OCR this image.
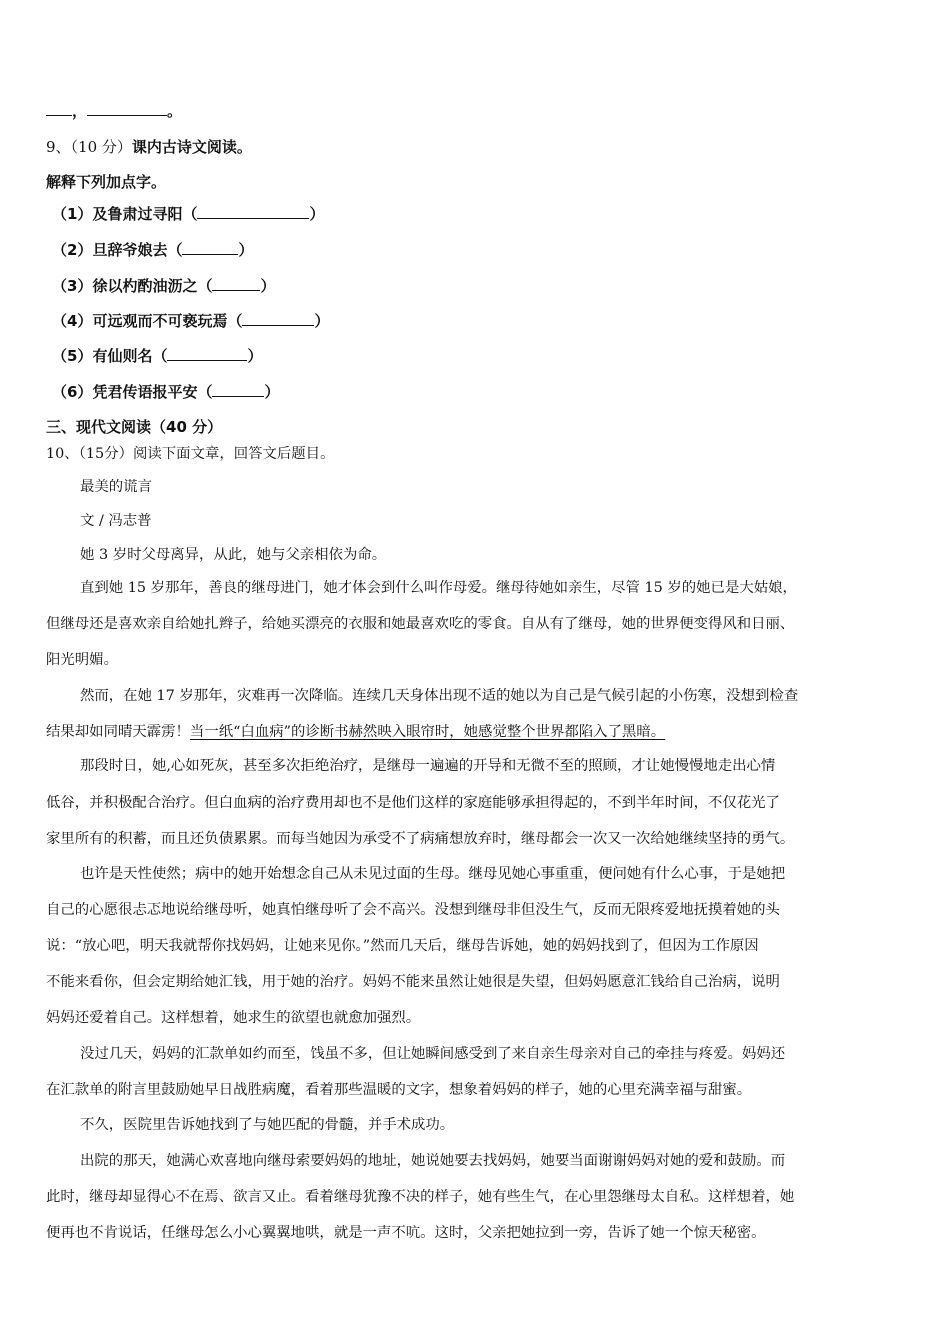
，	。
9、（10 分）课内古诗文阅读。
解释下列加点字。
（1）及鲁肃过寻阳（	）
（2）旦辞爷娘去（	）
（3）徐以杓酌油沥之（	）
（4）可远观而不可亵玩焉（	）
（5）有仙则名（	）
（6）凭君传语报平安（	）
三、现代文阅读（40 分）
10、（15分）阅读下面文章，回答文后题目。
最美的谎言
文 / 冯志普
她 3 岁时父母离异，从此，她与父亲相依为命。
直到她 15 岁那年，善良的继母进门，她才体会到什么叫作母爱。继母待她如亲生，尽管 15 岁的她已是大姑娘，
但继母还是喜欢亲自给她扎辫子，给她买漂亮的衣服和她最喜欢吃的零食。自从有了继母，她的世界便变得风和日丽、
阳光明媚。
然而，在她 17 岁那年，灾难再一次降临。连续几天身体出现不适的她以为自己是气候引起的小伤寒，没想到检查
结果却如同晴天霹雳！当一纸“白血病”的诊断书赫然映入眼帘时，她感觉整个世界都陷入了黑暗。
那段时日，她,心如死灰，甚至多次拒绝治疗，是继母一遍遍的开导和无微不至的照顾，才让她慢慢地走出心情
低谷，并积极配合治疗。但白血病的治疗费用却也不是他们这样的家庭能够承担得起的，不到半年时间，不仅花光了
家里所有的积蓄，而且还负债累累。而每当她因为承受不了病痛想放弃时，继母都会一次又一次给她继续坚持的勇气。
也许是天性使然；病中的她开始想念自己从未见过面的生母。继母见她心事重重，便问她有什么心事，于是她把
自己的心愿很忐忑地说给继母听，她真怕继母听了会不高兴。没想到继母非但没生气，反而无限疼爱地抚摸着她的头
说：“放心吧，明天我就帮你找妈妈，让她来见你。”然而几天后，继母告诉她，她的妈妈找到了，但因为工作原因
不能来看你，但会定期给她汇钱，用于她的治疗。妈妈不能来虽然让她很是失望，但妈妈愿意汇钱给自己治病，说明
妈妈还爱着自己。这样想着，她求生的欲望也就愈加强烈。
没过几天，妈妈的汇款单如约而至，饯虽不多，但让她瞬间感受到了来自亲生母亲对自己的牵挂与疼爱。妈妈还
在汇款单的附言里鼓励她早日战胜病魔，看着那些温暖的文字，想象着妈妈的样子，她的心里充满幸福与甜蜜。
不久，医院里告诉她找到了与她匹配的骨髓，并手术成功。
出院的那天，她满心欢喜地向继母索要妈妈的地址，她说她要去找妈妈，她要当面谢谢妈妈对她的爱和鼓励。而
此时，继母却显得心不在焉、欲言又止。看着继母犹豫不决的样子，她有些生气，在心里怨继母太自私。这样想着，她
便再也不肯说话，任继母怎么小心翼翼地哄，就是一声不吭。这时，父亲把她拉到一旁，告诉了她一个惊天秘密。
